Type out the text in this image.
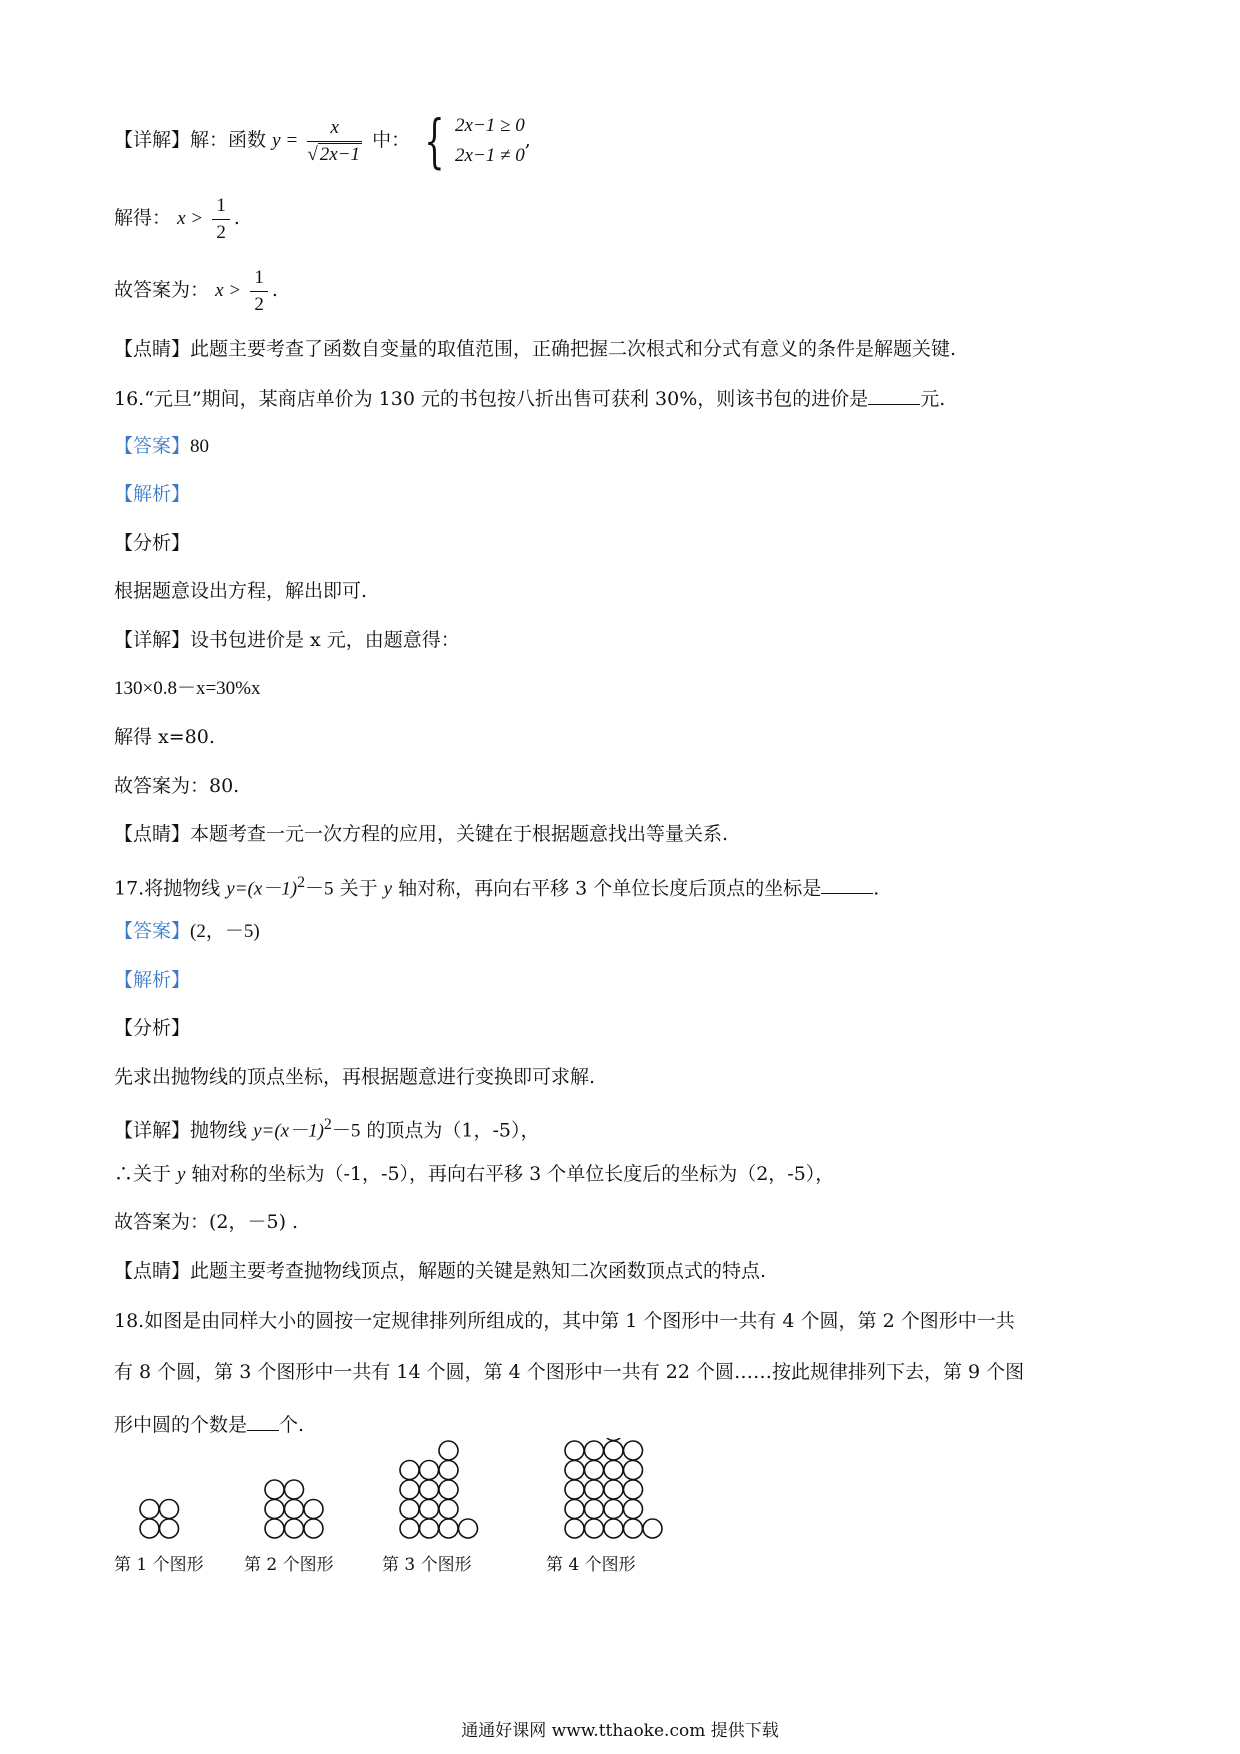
【详解】解：函数 $y = \frac{x}{√ 2x-1}$ 中： { 2x−1 ≥ 0
2x−1 ≠ 0
,
解得： $x > \frac{1}{2}$ .
故答案为： $x > \frac{1}{2}$ .
【点睛】此题主要考查了函数自变量的取值范围，正确把握二次根式和分式有意义的条件是解题关键.
16.“元旦”期间，某商店单价为 130 元的书包按八折出售可获利 30%，则该书包的进价是	元.
【答案】80
【解析】
【分析】
根据题意设出方程，解出即可.
【详解】设书包进价是 x 元，由题意得：
130×0.8－x=30%x
解得 x=80.
故答案为：80.
【点睛】本题考查一元一次方程的应用，关键在于根据题意找出等量关系.
17.将抛物线 $y=(x-1)^2-5$ 关于 y 轴对称，再向右平移 3 个单位长度后顶点的坐标是	.
【答案】(2，－5)
【解析】
【分析】
先求出抛物线的顶点坐标，再根据题意进行变换即可求解.
【详解】抛物线 $y=(x-1)^2-5$ 的顶点为（1，-5），
∴关于 y 轴对称的坐标为（-1，-5），再向右平移 3 个单位长度后的坐标为（2，-5），
故答案为：(2，－5) .
【点睛】此题主要考查抛物线顶点，解题的关键是熟知二次函数顶点式的特点.
18.如图是由同样大小的圆按一定规律排列所组成的，其中第 1 个图形中一共有 4 个圆，第 2 个图形中一共
有 8 个圆，第 3 个图形中一共有 14 个圆，第 4 个图形中一共有 22 个圆……按此规律排列下去，第 9 个图
形中圆的个数是 个.
第 1 个图形 第 2 个图形	第 3 个图形	第 4 个图形
通通好课网 www.tthaoke.com 提供下载
